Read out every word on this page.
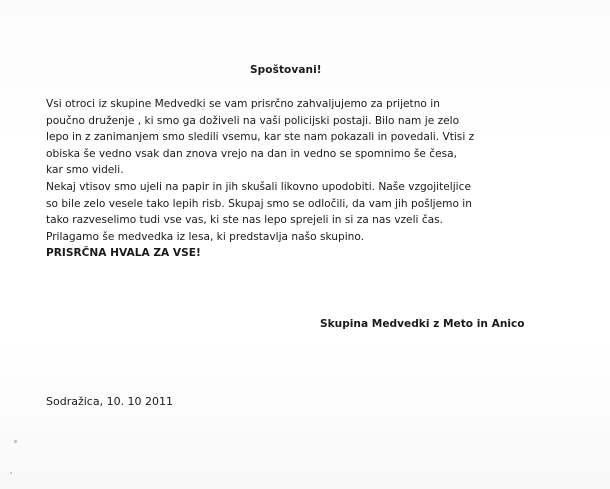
Spoštovani!
Vsi otroci iz skupine Medvedki se vam prisrčno zahvaljujemo za prijetno in
poučno druženje , ki smo ga doživeli na vaši policijski postaji. Bilo nam je zelo
lepo in z zanimanjem smo sledili vsemu, kar ste nam pokazali in povedali. Vtisi z
obiska še vedno vsak dan znova vrejo na dan in vedno se spomnimo še česa,
kar smo videli.
Nekaj vtisov smo ujeli na papir in jih skušali likovno upodobiti. Naše vzgojiteljice
so bile zelo vesele tako lepih risb. Skupaj smo se odločili, da vam jih pošljemo in
tako razveselimo tudi vse vas, ki ste nas lepo sprejeli in si za nas vzeli čas.
Prilagamo še medvedka iz lesa, ki predstavlja našo skupino.
PRISRČNA HVALA ZA VSE!
Skupina Medvedki z Meto in Anico
Sodražica, 10. 10 2011
